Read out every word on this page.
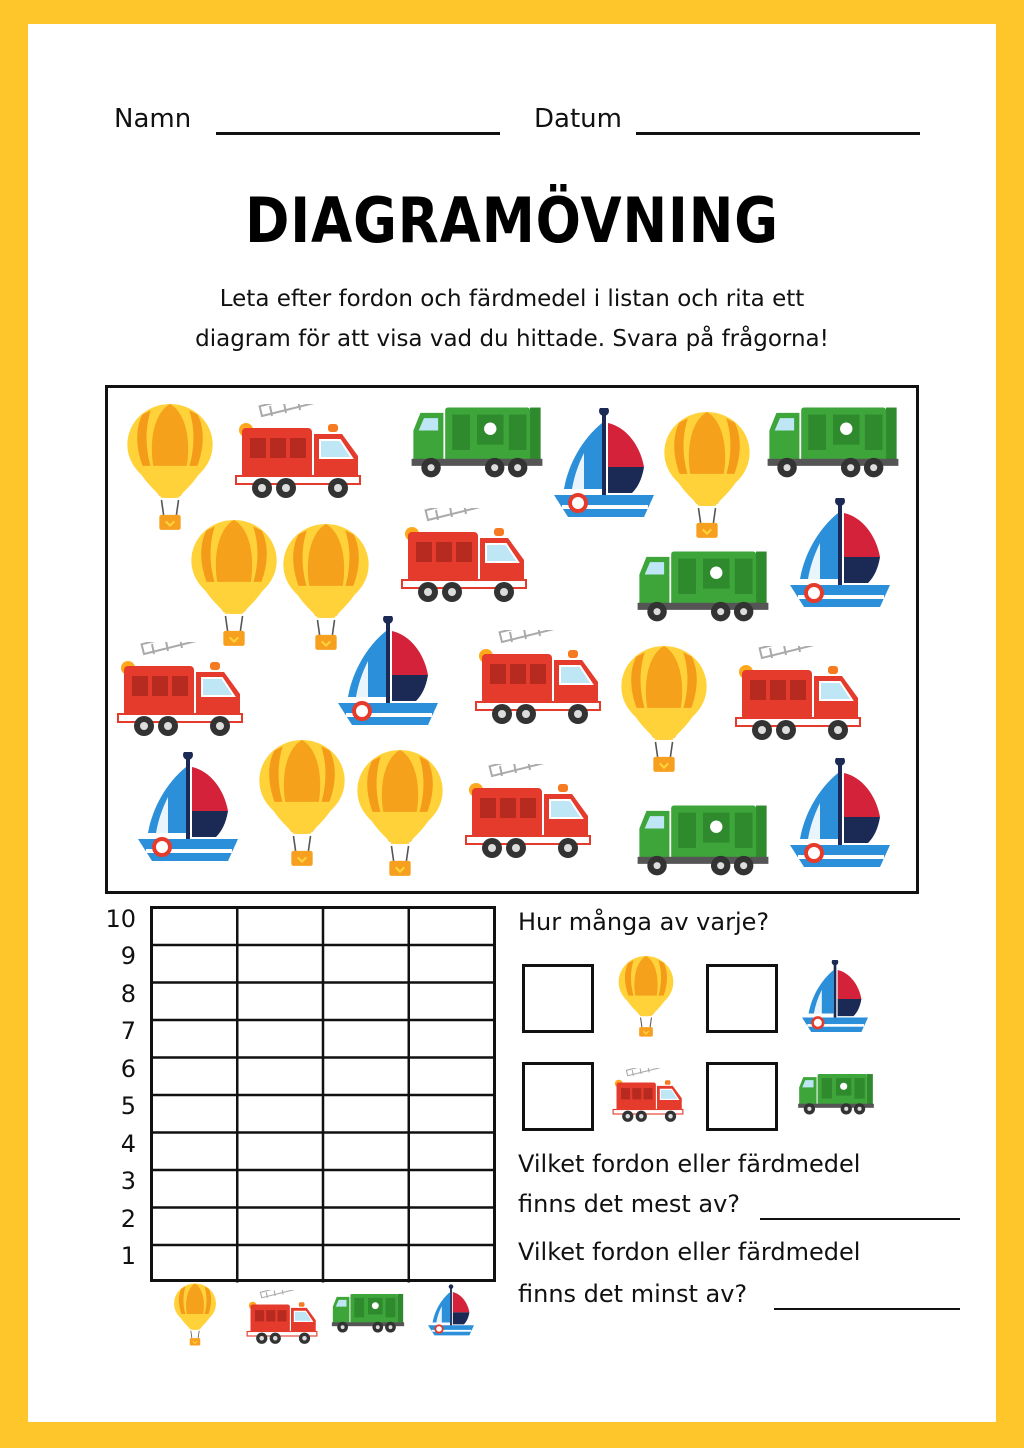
Namn	Datum
DIAGRAMÖVNING
Leta efter fordon och färdmedel i listan och rita ett
diagram för att visa vad du hittade. Svara på frågorna!
10
9
8
7
6
5
4
3
2
1
Hur många av varje?
Vilket fordon eller färdmedel
finns det mest av?
Vilket fordon eller färdmedel
finns det minst av?
